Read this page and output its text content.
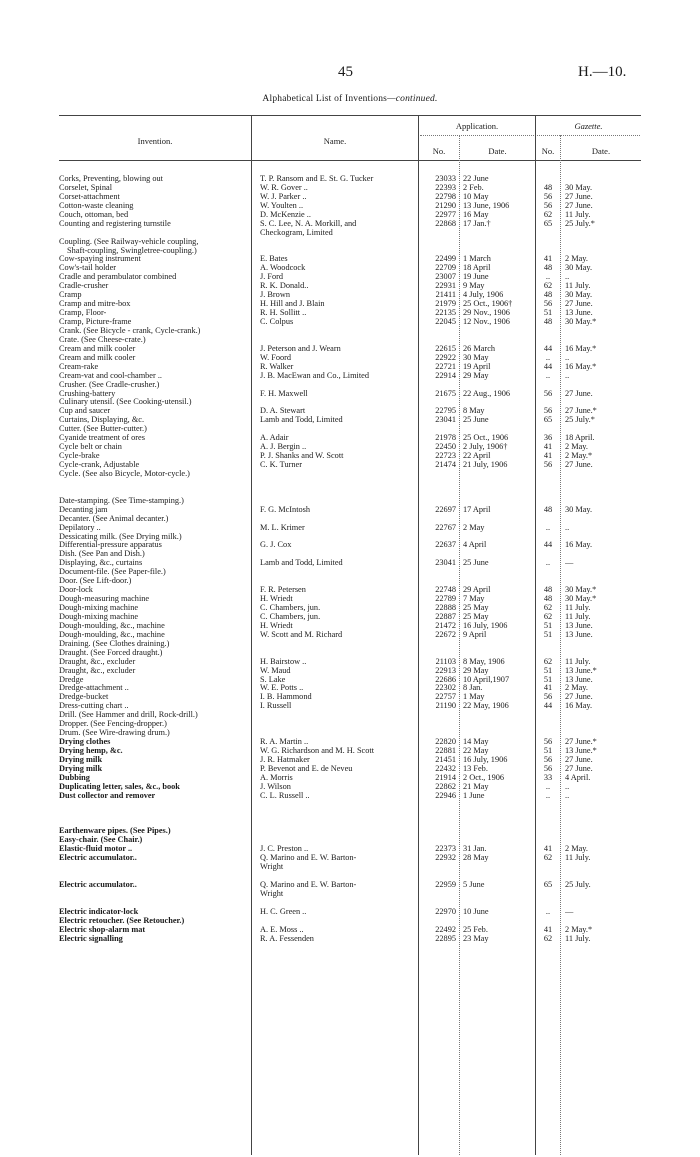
45	H.—10.
Alphabetical List of Inventions—continued.
Invention.	Name.
Application.
No.	Date.
Gazette.
No.	Date.
Corks, Preventing, blowing out	T. P. Ransom and E. St. G. Tucker	23033 22 June
Corselet, Spinal	W. R. Gover ..	22393 2 Feb.	48	30 May.
Corset-attachment	W. J. Parker ..	22798 10 May	56	27 June.
Cotton-waste cleaning	W. Youlten ..	21290 13 June, 1906	56	27 June.
Couch, ottoman, bed	D. McKenzie ..	22977 16 May	62	11 July.
Counting and registering turnstile	S. C. Lee, N. A. Morkill, and	22868 17 Jan.†	65	25 July.*
Checkogram, Limited
Coupling. (See Railway-vehicle coupling,
Shaft-coupling, Swingletree-coupling.)
Cow-spaying instrument	E. Bates	22499 1 March	41	2 May.
Cow's-tail holder	A. Woodcock	22709 18 April	48	30 May.
Cradle and perambulator combined	J. Ford	23007 19 June	..	..
Cradle-crusher	R. K. Donald..	22931 9 May	62	11 July.
Cramp	J. Brown	21411 4 July, 1906	48	30 May.
Cramp and mitre-box	H. Hill and J. Blain	21979 25 Oct., 1906†	56	27 June.
Cramp, Floor-	R. H. Sollitt ..	22135 29 Nov., 1906	51	13 June.
Cramp, Picture-frame	C. Colpus	22045 12 Nov., 1906	48	30 May.*
Crank. (See Bicycle - crank, Cycle-crank.)
Crate. (See Cheese-crate.)
Cream and milk cooler	J. Peterson and J. Wearn	22615 26 March	44	16 May.*
Cream and milk cooler	W. Foord	22922 30 May	..	..
Cream-rake	R. Walker	22721 19 April	44	16 May.*
Cream-vat and cool-chamber ..	J. B. MacEwan and Co., Limited	22914 29 May	..	..
Crusher. (See Cradle-crusher.)
Crushing-battery	F. H. Maxwell	21675 22 Aug., 1906	56	27 June.
Culinary utensil. (See Cooking-utensil.)
Cup and saucer	D. A. Stewart	22795 8 May	56	27 June.*
Curtains, Displaying, &c.	Lamb and Todd, Limited	23041 25 June	65	25 July.*
Cutter. (See Butter-cutter.)
Cyanide treatment of ores	A. Adair	21978 25 Oct., 1906	36	18 April.
Cycle belt or chain	A. J. Bergin ..	22450 2 July, 1906†	41	2 May.
Cycle-brake	P. J. Shanks and W. Scott	22723 22 April	41	2 May.*
Cycle-crank, Adjustable	C. K. Turner	21474 21 July, 1906	56	27 June.
Cycle. (See also Bicycle, Motor-cycle.)
Date-stamping. (See Time-stamping.)
Decanting jam	F. G. McIntosh	22697 17 April	48	30 May.
Decanter. (See Animal decanter.)
Depilatory ..	M. L. Krimer	22767 2 May	..	..
Dessicating milk. (See Drying milk.)
Differential-pressure apparatus	G. J. Cox	22637 4 April	44	16 May.
Dish. (See Pan and Dish.)
Displaying, &c., curtains	Lamb and Todd, Limited	23041 25 June	..	—
Document-file. (See Paper-file.)
Door. (See Lift-door.)
Door-lock	F. R. Petersen	22748 29 April	48	30 May.*
Dough-measuring machine	H. Wriedt	22789 7 May	48	30 May.*
Dough-mixing machine	C. Chambers, jun.	22888 25 May	62	11 July.
Dough-mixing machine	C. Chambers, jun.	22887 25 May	62	11 July.
Dough-moulding, &c., machine	H. Wriedt	21472 16 July, 1906	51	13 June.
Dough-moulding, &c., machine	W. Scott and M. Richard	22672 9 April	51	13 June.
Draining. (See Clothes draining.)
Draught. (See Forced draught.)
Draught, &c., excluder	H. Bairstow ..	21103 8 May, 1906	62	11 July.
Draught, &c., excluder	W. Maud	22913 29 May	51	13 June.*
Dredge	S. Lake	22686 10 April,1907	51	13 June.
Dredge-attachment ..	W. E. Potts ..	22302 8 Jan.	41	2 May.
Dredge-bucket	I. B. Hammond	22757 1 May	56	27 June.
Dress-cutting chart ..	I. Russell	21190 22 May, 1906	44	16 May.
Drill. (See Hammer and drill, Rock-drill.)
Dropper. (See Fencing-dropper.)
Drum. (See Wire-drawing drum.)
Drying clothes	R. A. Martin ..	22820 14 May	56	27 June.*
Drying hemp, &c.	W. G. Richardson and M. H. Scott	22881 22 May	51	13 June.*
Drying milk	J. R. Hatmaker	21451 16 July, 1906	56	27 June.
Drying milk	P. Bevenot and E. de Neveu	22432 13 Feb.	56	27 June.
Dubbing	A. Morris	21914 2 Oct., 1906	33	4 April.
Duplicating letter, sales, &c., book	J. Wilson	22862 21 May	..	..
Dust collector and remover	C. L. Russell ..	22946 1 June	..	..
Earthenware pipes. (See Pipes.)
Easy-chair. (See Chair.)
Elastic-fluid motor ..	J. C. Preston ..	22373 31 Jan.	41	2 May.
Electric accumulator..	Q. Marino and E. W. Barton-	22932 28 May	62	11 July.
Wright
Electric accumulator..	Q. Marino and E. W. Barton-	22959 5 June	65	25 July.
Wright
Electric indicator-lock	H. C. Green ..	22970 10 June	..	—
Electric retoucher. (See Retoucher.)
Electric shop-alarm mat	A. E. Moss ..	22492 25 Feb.	41	2 May.*
Electric signalling	R. A. Fessenden	22895 23 May	62	11 July.
